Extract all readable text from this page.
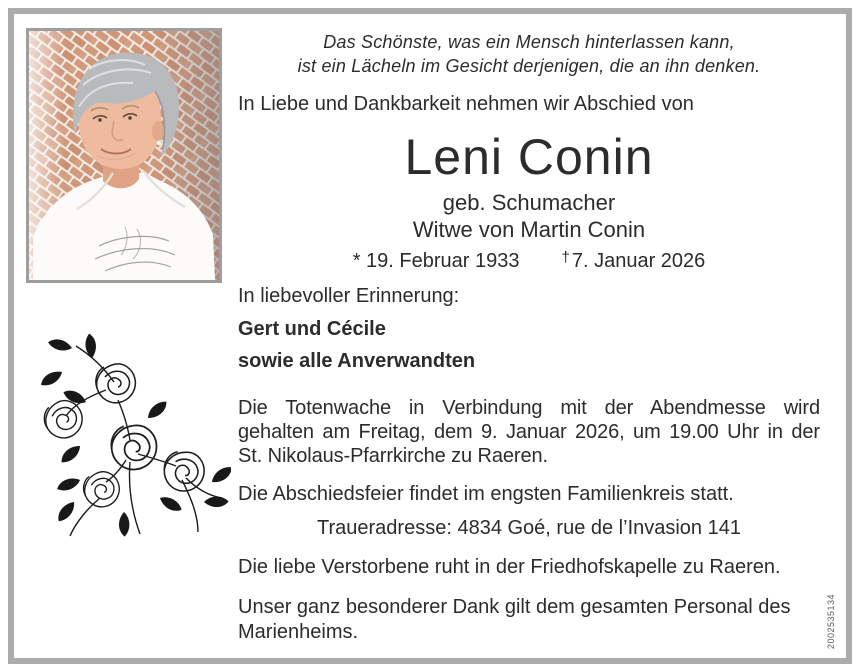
Das Schönste, was ein Mensch hinterlassen kann,
ist ein Lächeln im Gesicht derjenigen, die an ihn denken.
In Liebe und Dankbarkeit nehmen wir Abschied von
Leni Conin
geb. Schumacher
Witwe von Martin Conin
* 19. Februar 1933	† 7. Januar 2026
In liebevoller Erinnerung:
Gert und Cécile
sowie alle Anverwandten
Die Totenwache in Verbindung mit der Abendmesse wird
gehalten am Freitag, dem 9. Januar 2026, um 19.00 Uhr in der
St. Nikolaus-Pfarrkirche zu Raeren.
Die Abschiedsfeier findet im engsten Familienkreis statt.
Traueradresse: 4834 Goé, rue de l’Invasion 141
Die liebe Verstorbene ruht in der Friedhofskapelle zu Raeren.
Unser ganz besonderer Dank gilt dem gesamten Personal des
Marienheims.	2002535134
